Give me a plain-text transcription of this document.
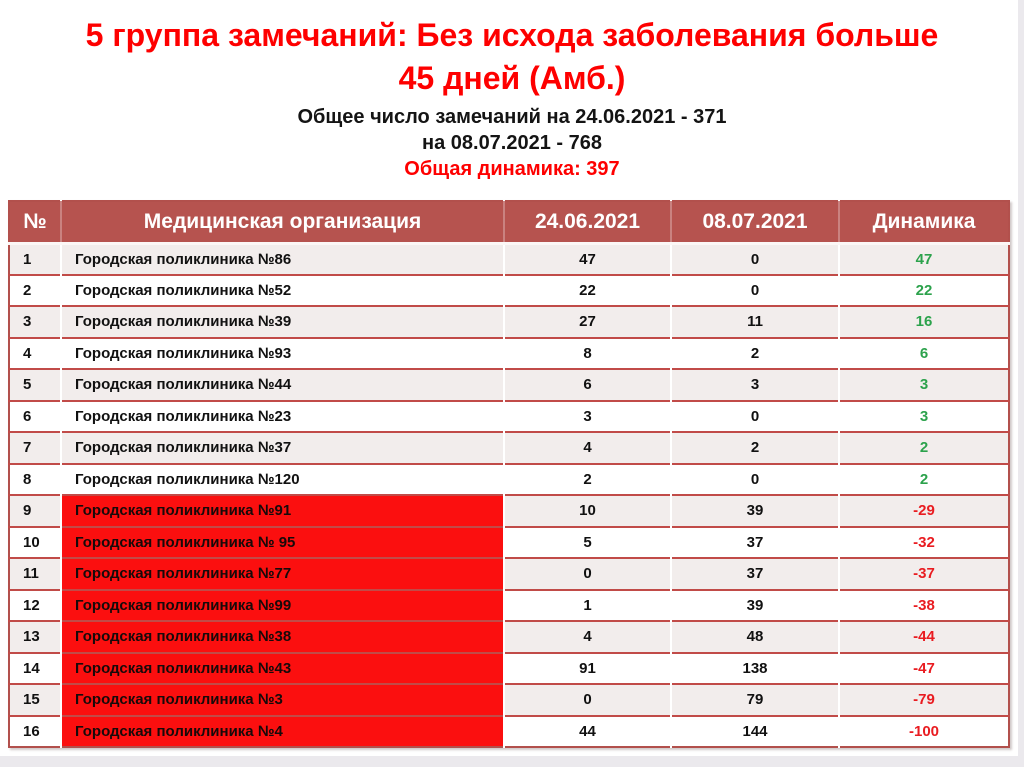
5 группа замечаний: Без исхода заболевания больше
45 дней (Амб.)
Общее число замечаний на 24.06.2021 - 371
на 08.07.2021 - 768
Общая динамика: 397
№	Медицинская организация	24.06.2021	08.07.2021	Динамика
1	Городская поликлиника №86	47	0	47
2	Городская поликлиника №52	22	0	22
3	Городская поликлиника №39	27	11	16
4	Городская поликлиника №93	8	2	6
5	Городская поликлиника №44	6	3	3
6	Городская поликлиника №23	3	0	3
7	Городская поликлиника №37	4	2	2
8	Городская поликлиника №120	2	0	2
9	Городская поликлиника №91	10	39	-29
10	Городская поликлиника № 95	5	37	-32
11	Городская поликлиника №77	0	37	-37
12	Городская поликлиника №99	1	39	-38
13	Городская поликлиника №38	4	48	-44
14	Городская поликлиника №43	91	138	-47
15	Городская поликлиника №3	0	79	-79
16	Городская поликлиника №4	44	144	-100
